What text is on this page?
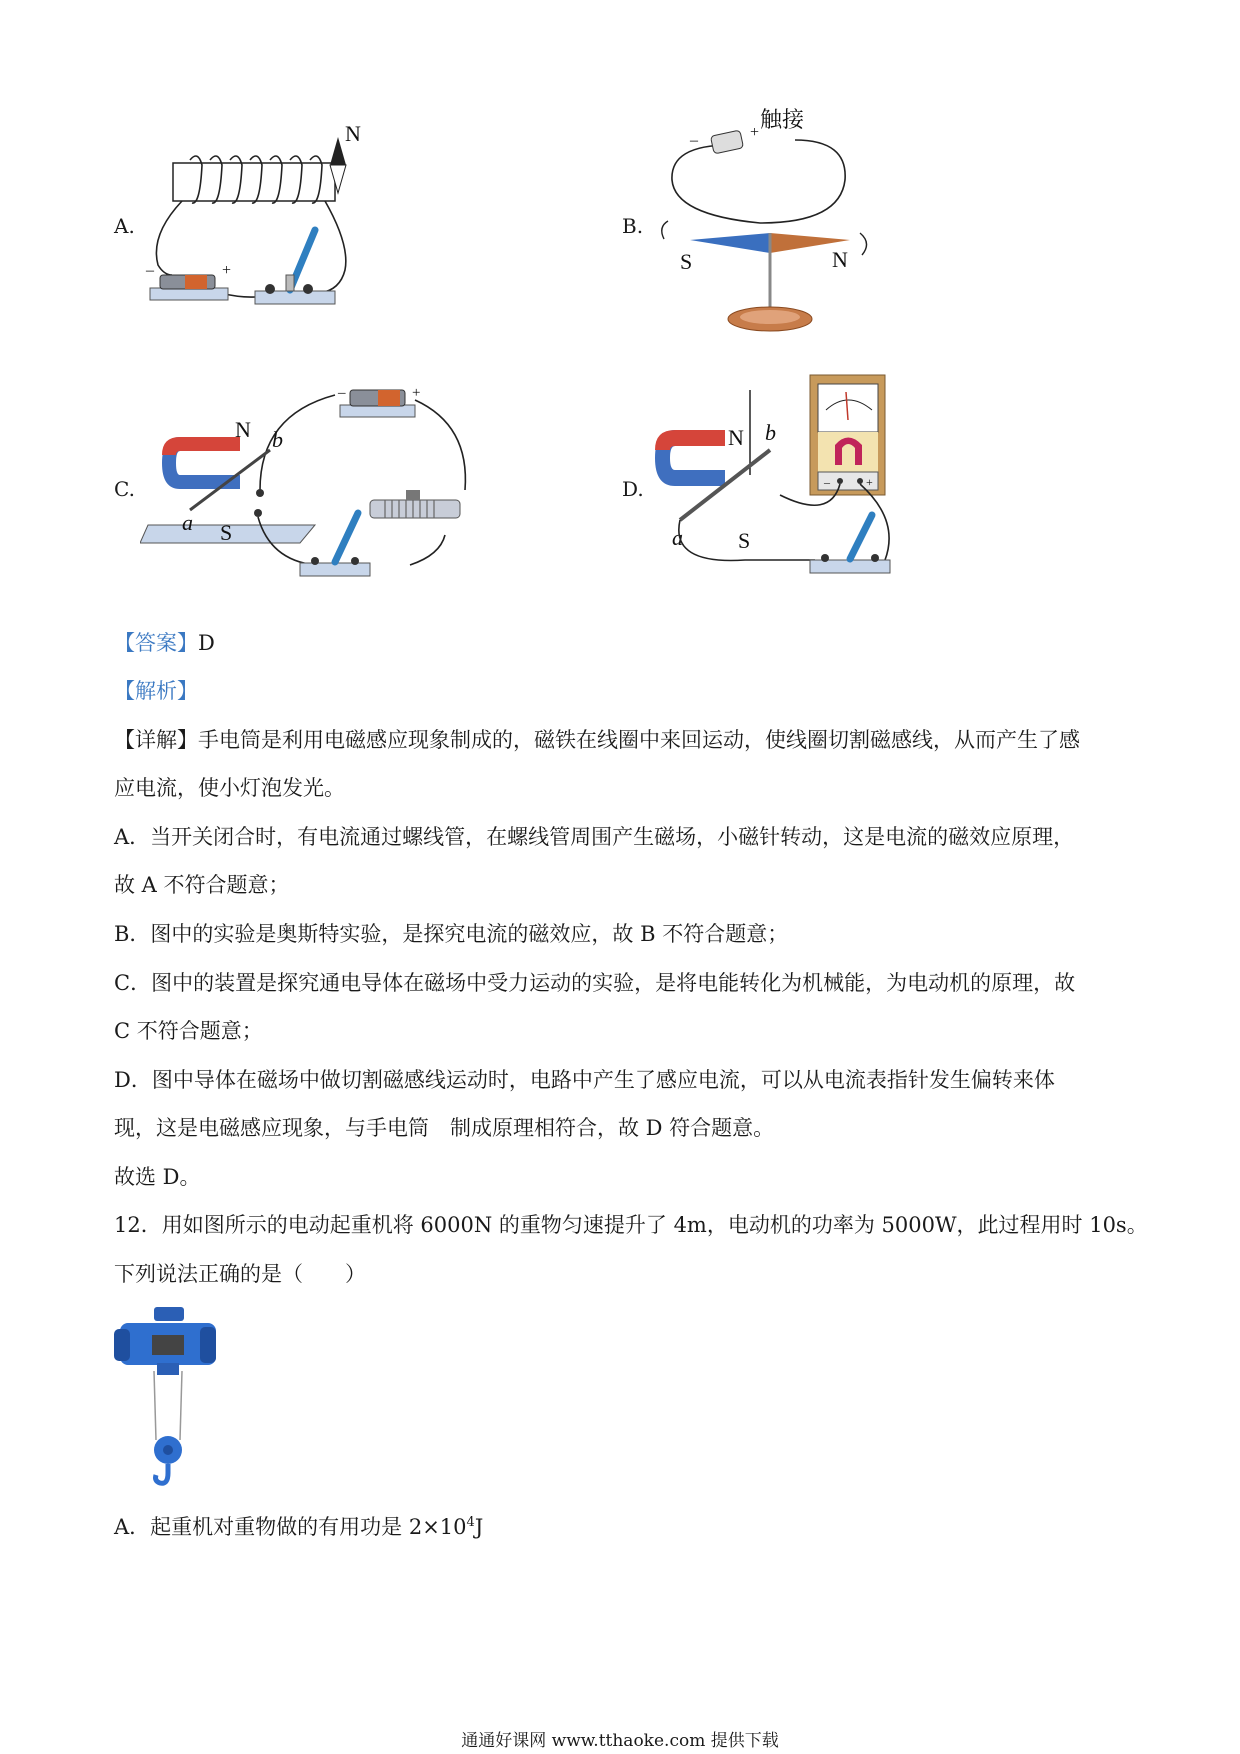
A.
–	+
N
B.
触接
–	+
S	N
C.
–	+
N
S
a
b
D.	–	+
N
S
a
b
【答案】D
【解析】
【详解】手电筒是利用电磁感应现象制成的，磁铁在线圈中来回运动，使线圈切割磁感线，从而产生了感
应电流，使小灯泡发光。
A．当开关闭合时，有电流通过螺线管，在螺线管周围产生磁场，小磁针转动，这是电流的磁效应原理，
故 A 不符合题意；
B．图中的实验是奥斯特实验，是探究电流的磁效应，故 B 不符合题意；
C．图中的装置是探究通电导体在磁场中受力运动的实验，是将电能转化为机械能，为电动机的原理，故
C 不符合题意；
D．图中导体在磁场中做切割磁感线运动时，电路中产生了感应电流，可以从电流表指针发生偏转来体
现，这是电磁感应现象，与手电筒　制成原理相符合，故 D 符合题意。
故选 D。
12．用如图所示的电动起重机将 6000N 的重物匀速提升了 4m，电动机的功率为 5000W，此过程用时 10s。
下列说法正确的是（　　）
A．起重机对重物做的有用功是 $2\times 10^4J$
通通好课网 www.tthaoke.com 提供下载
